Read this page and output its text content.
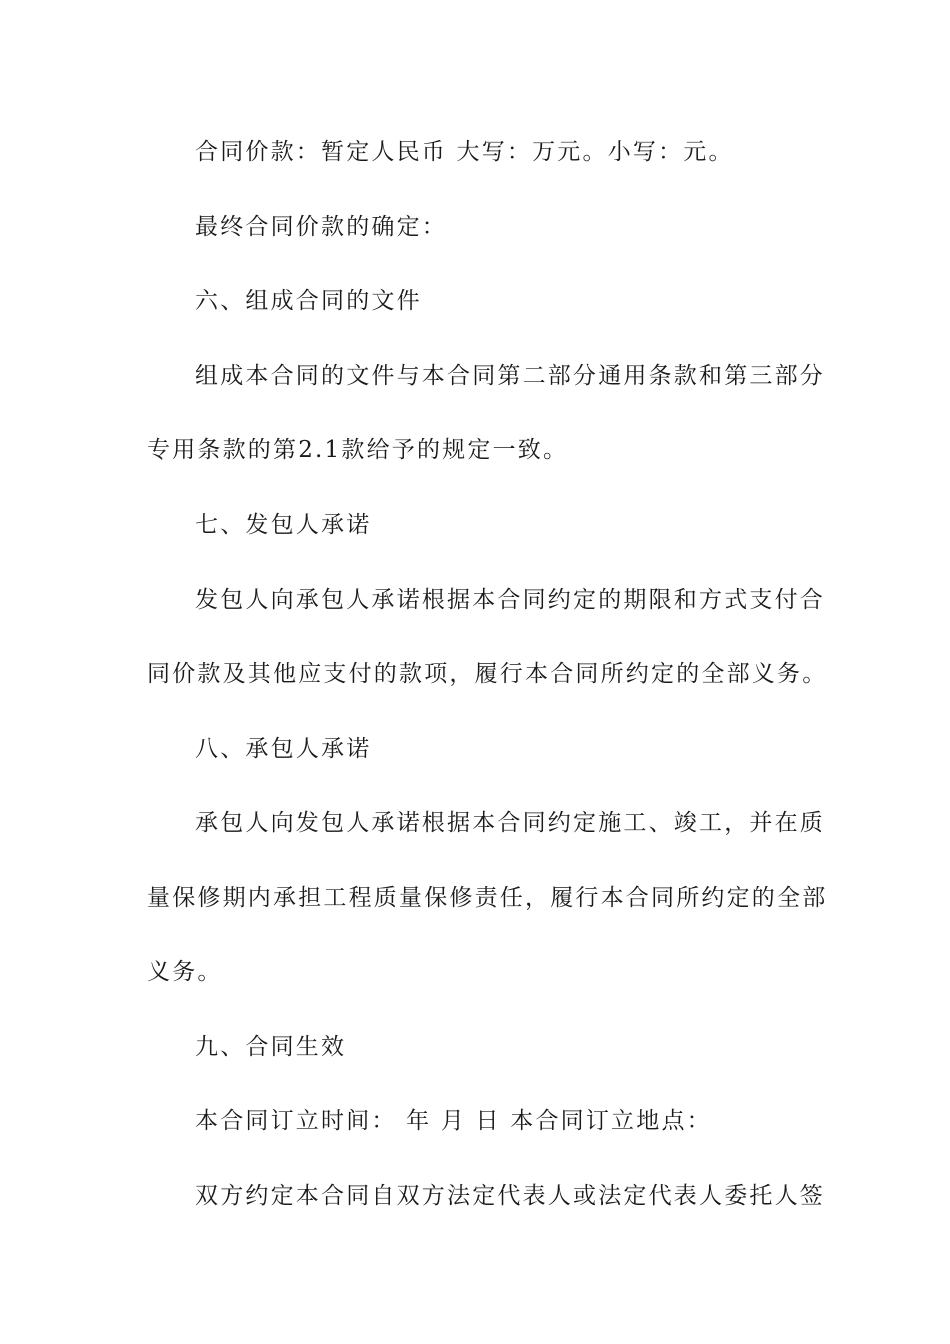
合同价款：暂定人民币 大写：万元。小写：元。
最终合同价款的确定：
六、组成合同的文件
组成本合同的文件与本合同第二部分通用条款和第三部分
专用条款的第2.1款给予的规定一致。
七、发包人承诺
发包人向承包人承诺根据本合同约定的期限和方式支付合
同价款及其他应支付的款项，履行本合同所约定的全部义务。
八、承包人承诺
承包人向发包人承诺根据本合同约定施工、竣工，并在质
量保修期内承担工程质量保修责任，履行本合同所约定的全部
义务。
九、合同生效
本合同订立时间： 年 月 日 本合同订立地点：
双方约定本合同自双方法定代表人或法定代表人委托人签
